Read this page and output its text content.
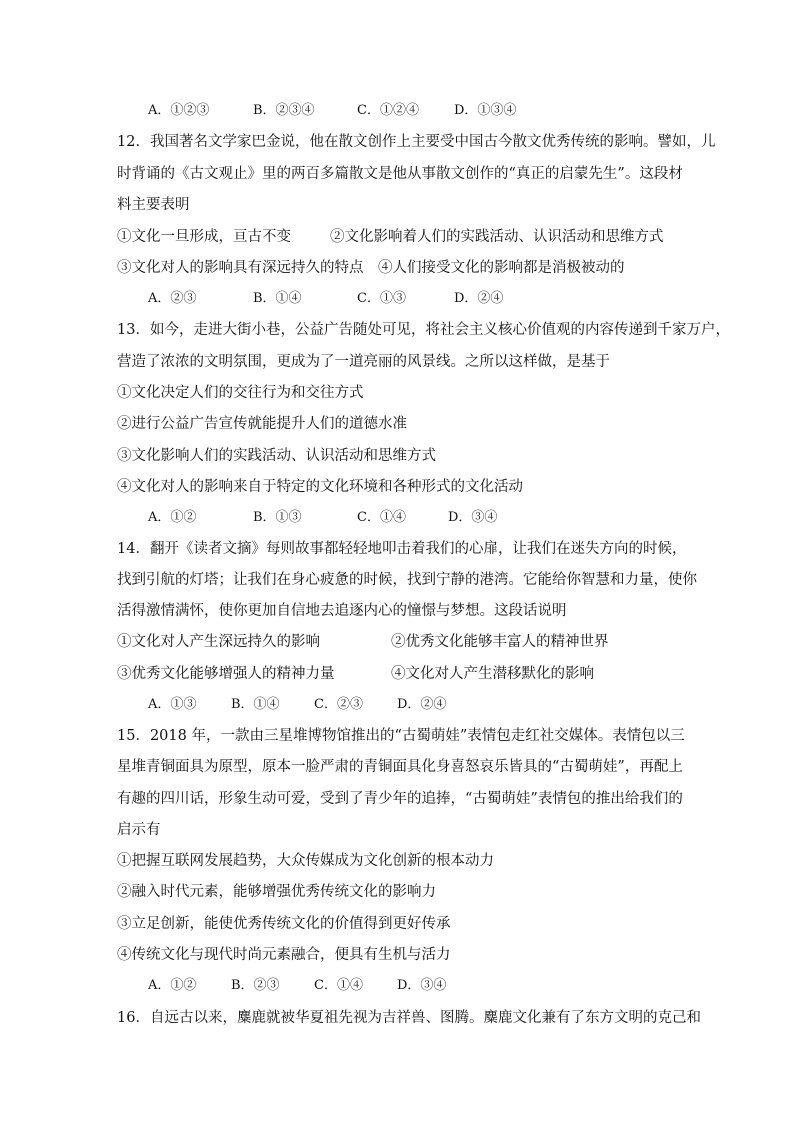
A．①②③	B．②③④	C．①②④	D．①③④
12．我国著名文学家巴金说，他在散文创作上主要受中国古今散文优秀传统的影响。譬如，儿
时背诵的《古文观止》里的两百多篇散文是他从事散文创作的“真正的启蒙先生”。这段材
料主要表明
①文化一旦形成，亘古不变	②文化影响着人们的实践活动、认识活动和思维方式
③文化对人的影响具有深远持久的特点 ④人们接受文化的影响都是消极被动的
A．②③	B．①④	C．①③	D．②④
13．如今，走进大街小巷，公益广告随处可见，将社会主义核心价值观的内容传递到千家万户，
营造了浓浓的文明氛围，更成为了一道亮丽的风景线。之所以这样做，是基于
①文化决定人们的交往行为和交往方式
②进行公益广告宣传就能提升人们的道德水准
③文化影响人们的实践活动、认识活动和思维方式
④文化对人的影响来自于特定的文化环境和各种形式的文化活动
A．①②	B．①③	C．①④	D．③④
14．翻开《读者文摘》每则故事都轻轻地叩击着我们的心扉，让我们在迷失方向的时候，
找到引航的灯塔；让我们在身心疲惫的时候，找到宁静的港湾。它能给你智慧和力量，使你
活得激情满怀，使你更加自信地去追逐内心的憧憬与梦想。这段话说明
①文化对人产生深远持久的影响	②优秀文化能够丰富人的精神世界
③优秀文化能够增强人的精神力量	④文化对人产生潜移默化的影响
A．①③	B．①④	C．②③	D．②④
15．2018 年，一款由三星堆博物馆推出的“古蜀萌娃”表情包走红社交媒体。表情包以三
星堆青铜面具为原型，原本一脸严肃的青铜面具化身喜怒哀乐皆具的“古蜀萌娃”，再配上
有趣的四川话，形象生动可爱，受到了青少年的追捧，“古蜀萌娃”表情包的推出给我们的
启示有
①把握互联网发展趋势，大众传媒成为文化创新的根本动力
②融入时代元素，能够增强优秀传统文化的影响力
③立足创新，能使优秀传统文化的价值得到更好传承
④传统文化与现代时尚元素融合，便具有生机与活力
A．①②	B．②③	C．①④	D．③④
16．自远古以来，麋鹿就被华夏祖先视为吉祥兽、图腾。麋鹿文化兼有了东方文明的克己和
